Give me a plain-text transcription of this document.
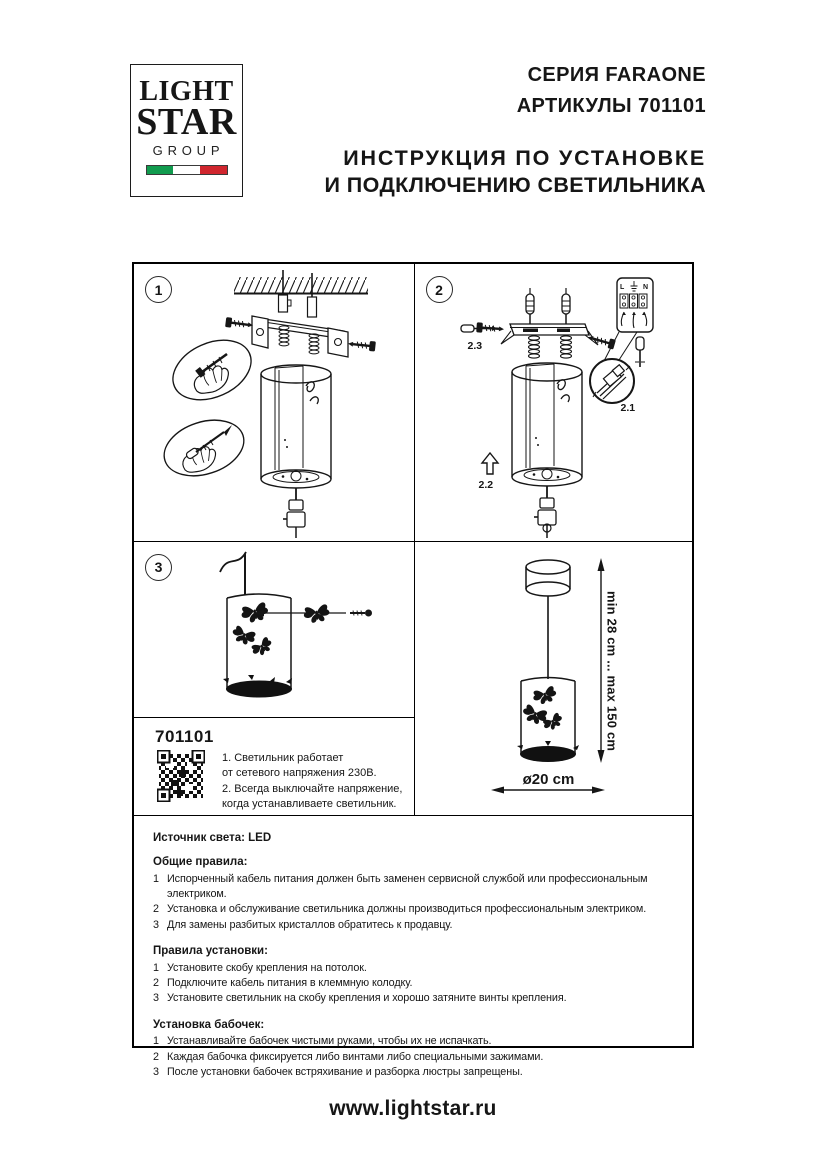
LIGHT
STAR
GROUP
СЕРИЯ FARAONE
АРТИКУЛЫ 701101
ИНСТРУКЦИЯ ПО УСТАНОВКЕ
И ПОДКЛЮЧЕНИЮ СВЕТИЛЬНИКА
1	L	N
2
2.1
2.2
2.3
3
701101
1. Светильник работает
от сетевого напряжения 230В.
2. Всегда выключайте напряжение,
когда устанавливаете светильник.
min 28 cm ... max 150 cm
ø20 cm

Источник света: LED

Общие правила:
1 Испорченный кабель питания должен быть заменен сервисной службой или профессиональным электриком.
2 Установка и обслуживание светильника должны производиться профессиональным электриком.
3 Для замены разбитых кристаллов обратитесь к продавцу.
Правила установки:
1 Установите скобу крепления на потолок.
2 Подключите кабель питания в клеммную колодку.
3 Установите светильник на скобу крепления и хорошо затяните винты крепления.
Установка бабочек:
1 Устанавливайте бабочек чистыми руками, чтобы их не испачкать.
2 Каждая бабочка фиксируется либо винтами либо специальными зажимами.
3 После установки бабочек встряхивание и разборка люстры запрещены.
www.lightstar.ru
